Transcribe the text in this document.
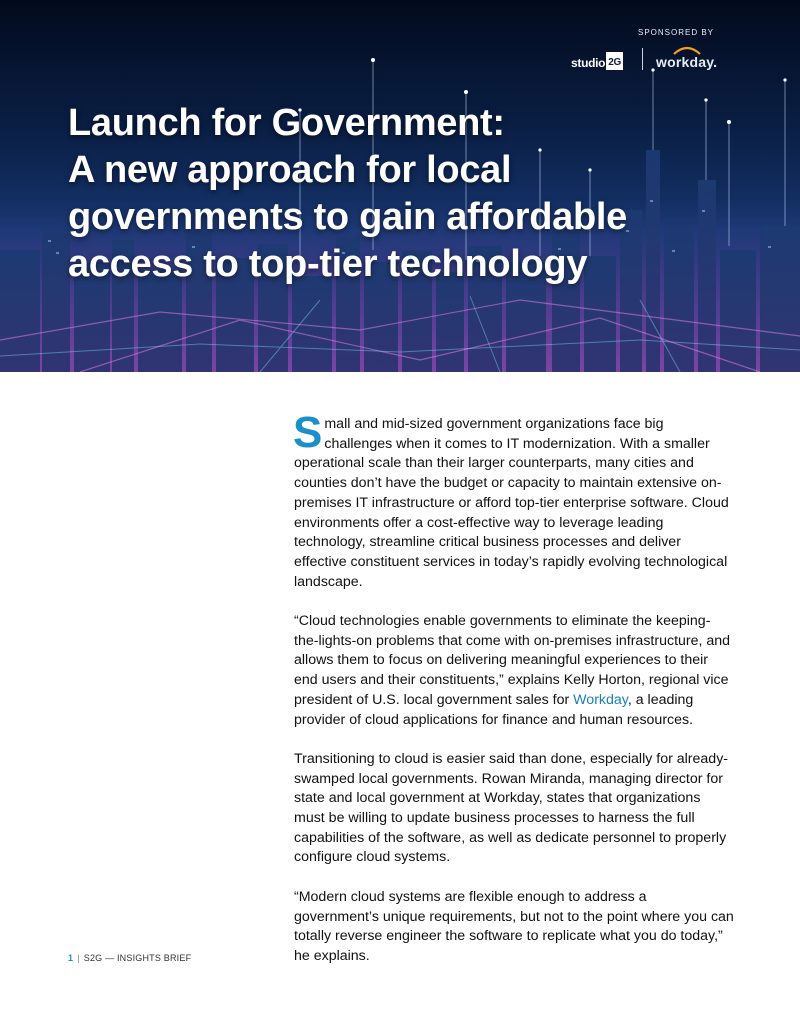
SPONSORED BY
studio 2G	workday.
Launch for Government:
A new approach for local
governments to gain affordable
access to top-tier technology

Small and mid-sized government organizations face big challenges when it comes to IT modernization. With a smaller operational scale than their larger counterparts, many cities and counties don’t have the budget or capacity to maintain extensive on-premises IT infrastructure or afford top-tier enterprise software. Cloud environments offer a cost-effective way to leverage leading technology, streamline critical business processes and deliver effective constituent services in today’s rapidly evolving technological landscape.

“Cloud technologies enable governments to eliminate the keeping-the-lights-on problems that come with on-premises infrastructure, and allows them to focus on delivering meaningful experiences to their end users and their constituents,” explains Kelly Horton, regional vice president of U.S. local government sales for Workday, a leading provider of cloud applications for finance and human resources.

Transitioning to cloud is easier said than done, especially for already-swamped local governments. Rowan Miranda, managing director for state and local government at Workday, states that organizations must be willing to update business processes to harness the full capabilities of the software, as well as dedicate personnel to properly configure cloud systems.

“Modern cloud systems are flexible enough to address a government’s unique requirements, but not to the point where you can totally reverse engineer the software to replicate what you do today,” he explains.

1 | S2G — INSIGHTS BRIEF
